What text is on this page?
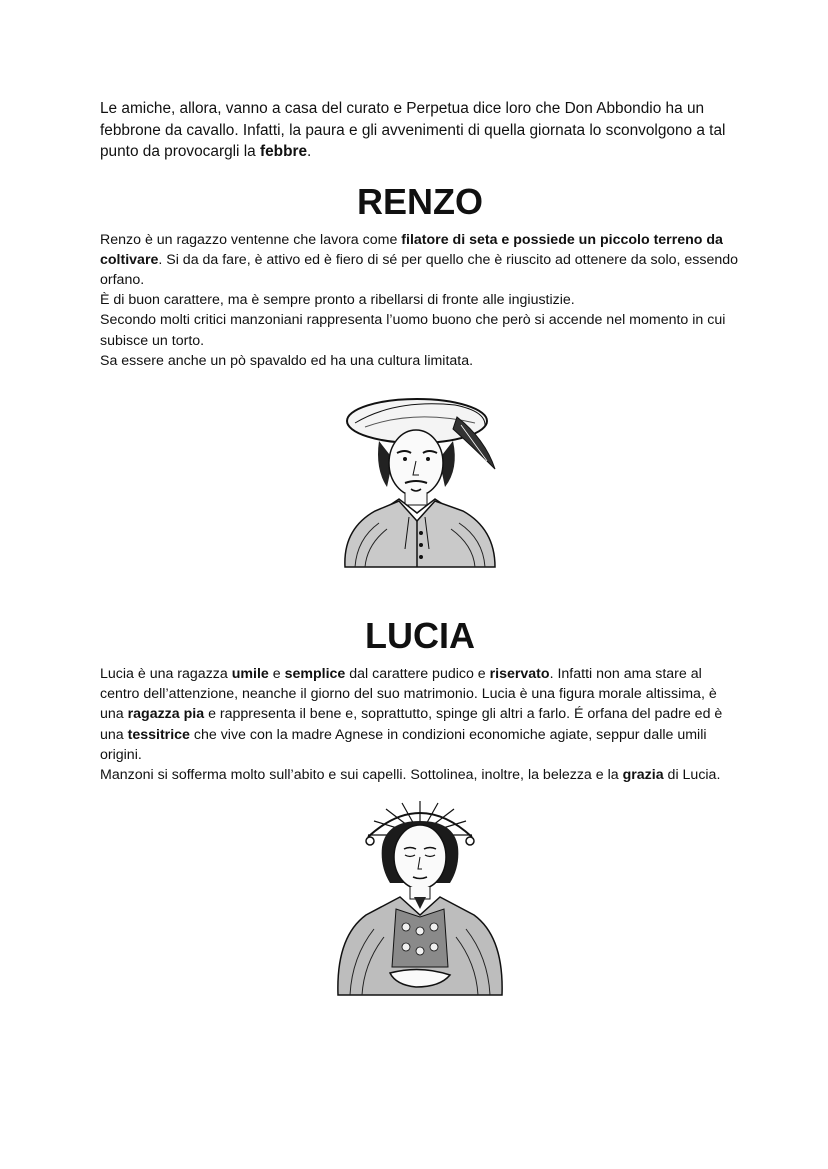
Le amiche, allora, vanno a casa del curato e Perpetua dice loro che Don Abbondio ha un febbrone da cavallo. Infatti, la paura e gli avvenimenti di quella giornata lo sconvolgono a tal punto da provocargli la febbre.

RENZO

Renzo è un ragazzo ventenne che lavora come filatore di seta e possiede un piccolo terreno da coltivare. Si da da fare, è attivo ed è fiero di sé per quello che è riuscito ad ottenere da solo, essendo orfano.
È di buon carattere, ma è sempre pronto a ribellarsi di fronte alle ingiustizie.
Secondo molti critici manzoniani rappresenta l’uomo buono che però si accende nel momento in cui subisce un torto.
Sa essere anche un pò spavaldo ed ha una cultura limitata.

LUCIA

Lucia è una ragazza umile e semplice dal carattere pudico e riservato. Infatti non ama stare al centro dell’attenzione, neanche il giorno del suo matrimonio. Lucia è una figura morale altissima, è una ragazza pia e rappresenta il bene e, soprattutto, spinge gli altri a farlo. É orfana del padre ed è una tessitrice che vive con la madre Agnese in condizioni economiche agiate, seppur dalle umili origini.
Manzoni si sofferma molto sull’abito e sui capelli. Sottolinea, inoltre, la belezza e la grazia di Lucia.
